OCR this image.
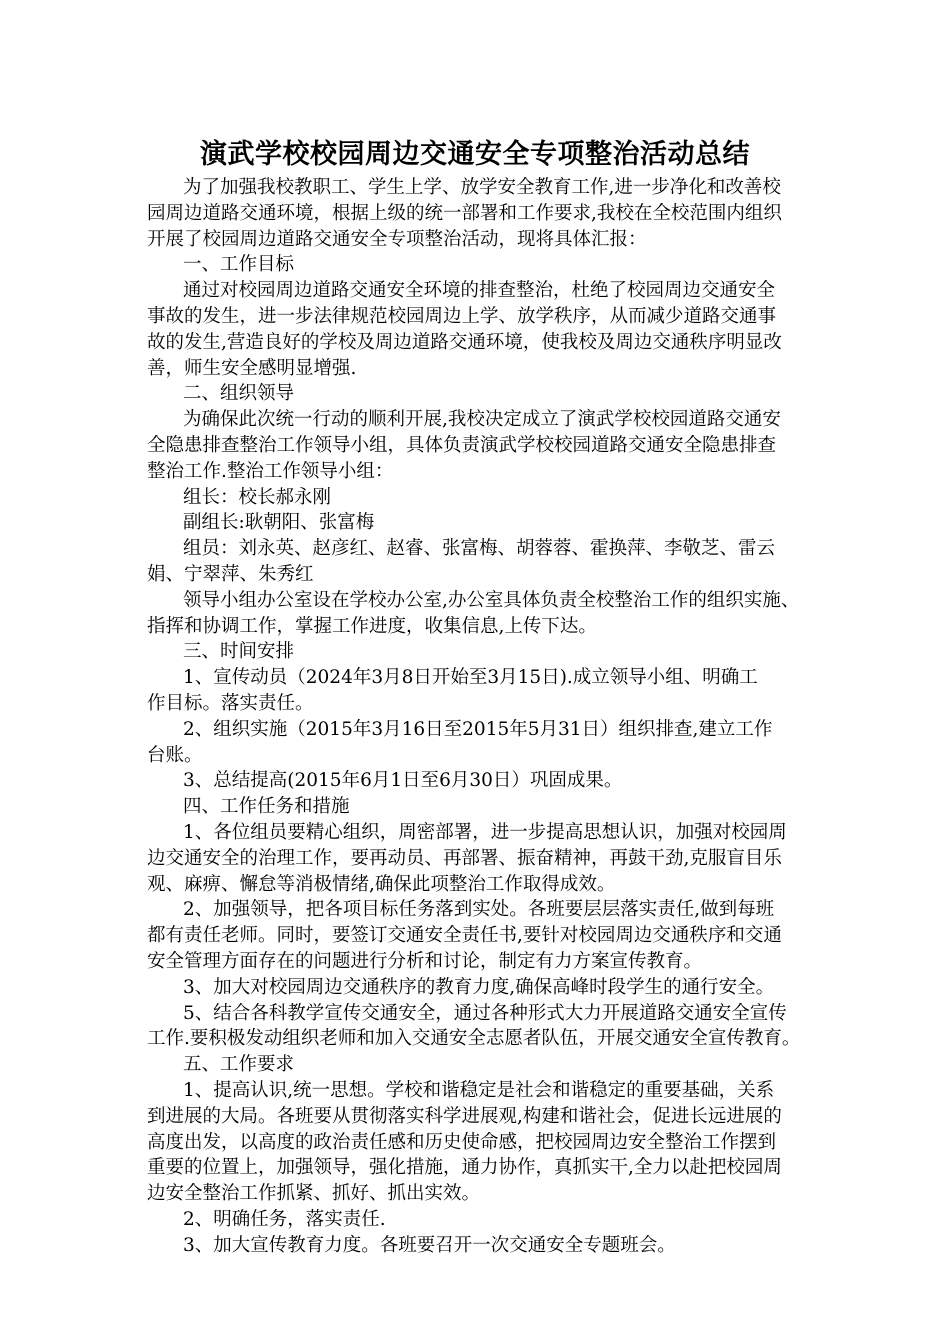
演武学校校园周边交通安全专项整治活动总结
为了加强我校教职工、学生上学、放学安全教育工作,进一步净化和改善校
园周边道路交通环境，根据上级的统一部署和工作要求,我校在全校范围内组织
开展了校园周边道路交通安全专项整治活动，现将具体汇报：
一、工作目标
通过对校园周边道路交通安全环境的排查整治，杜绝了校园周边交通安全
事故的发生，进一步法律规范校园周边上学、放学秩序，从而减少道路交通事
故的发生,营造良好的学校及周边道路交通环境，使我校及周边交通秩序明显改
善，师生安全感明显增强.
二、组织领导
为确保此次统一行动的顺利开展,我校决定成立了演武学校校园道路交通安
全隐患排查整治工作领导小组，具体负责演武学校校园道路交通安全隐患排查
整治工作.整治工作领导小组：
组长：校长郝永刚
副组长:耿朝阳、张富梅
组员：刘永英、赵彦红、赵睿、张富梅、胡蓉蓉、霍换萍、李敬芝、雷云
娟、宁翠萍、朱秀红
领导小组办公室设在学校办公室,办公室具体负责全校整治工作的组织实施、
指挥和协调工作，掌握工作进度，收集信息,上传下达。
三、时间安排
1、宣传动员（2024年3月8日开始至3月15日).成立领导小组、明确工
作目标。落实责任。
2、组织实施（2015年3月16日至2015年5月31日）组织排查,建立工作
台账。
3、总结提高(2015年6月1日至6月30日）巩固成果。
四、工作任务和措施
1、各位组员要精心组织，周密部署，进一步提高思想认识，加强对校园周
边交通安全的治理工作，要再动员、再部署、振奋精神，再鼓干劲,克服盲目乐
观、麻痹、懈怠等消极情绪,确保此项整治工作取得成效。
2、加强领导，把各项目标任务落到实处。各班要层层落实责任,做到每班
都有责任老师。同时，要签订交通安全责任书,要针对校园周边交通秩序和交通
安全管理方面存在的问题进行分析和讨论，制定有力方案宣传教育。
3、加大对校园周边交通秩序的教育力度,确保高峰时段学生的通行安全。
5、结合各科教学宣传交通安全，通过各种形式大力开展道路交通安全宣传
工作.要积极发动组织老师和加入交通安全志愿者队伍，开展交通安全宣传教育。
五、工作要求
1、提高认识,统一思想。学校和谐稳定是社会和谐稳定的重要基础，关系
到进展的大局。各班要从贯彻落实科学进展观,构建和谐社会，促进长远进展的
高度出发，以高度的政治责任感和历史使命感，把校园周边安全整治工作摆到
重要的位置上，加强领导，强化措施，通力协作，真抓实干,全力以赴把校园周
边安全整治工作抓紧、抓好、抓出实效。
2、明确任务，落实责任.
3、加大宣传教育力度。各班要召开一次交通安全专题班会。
